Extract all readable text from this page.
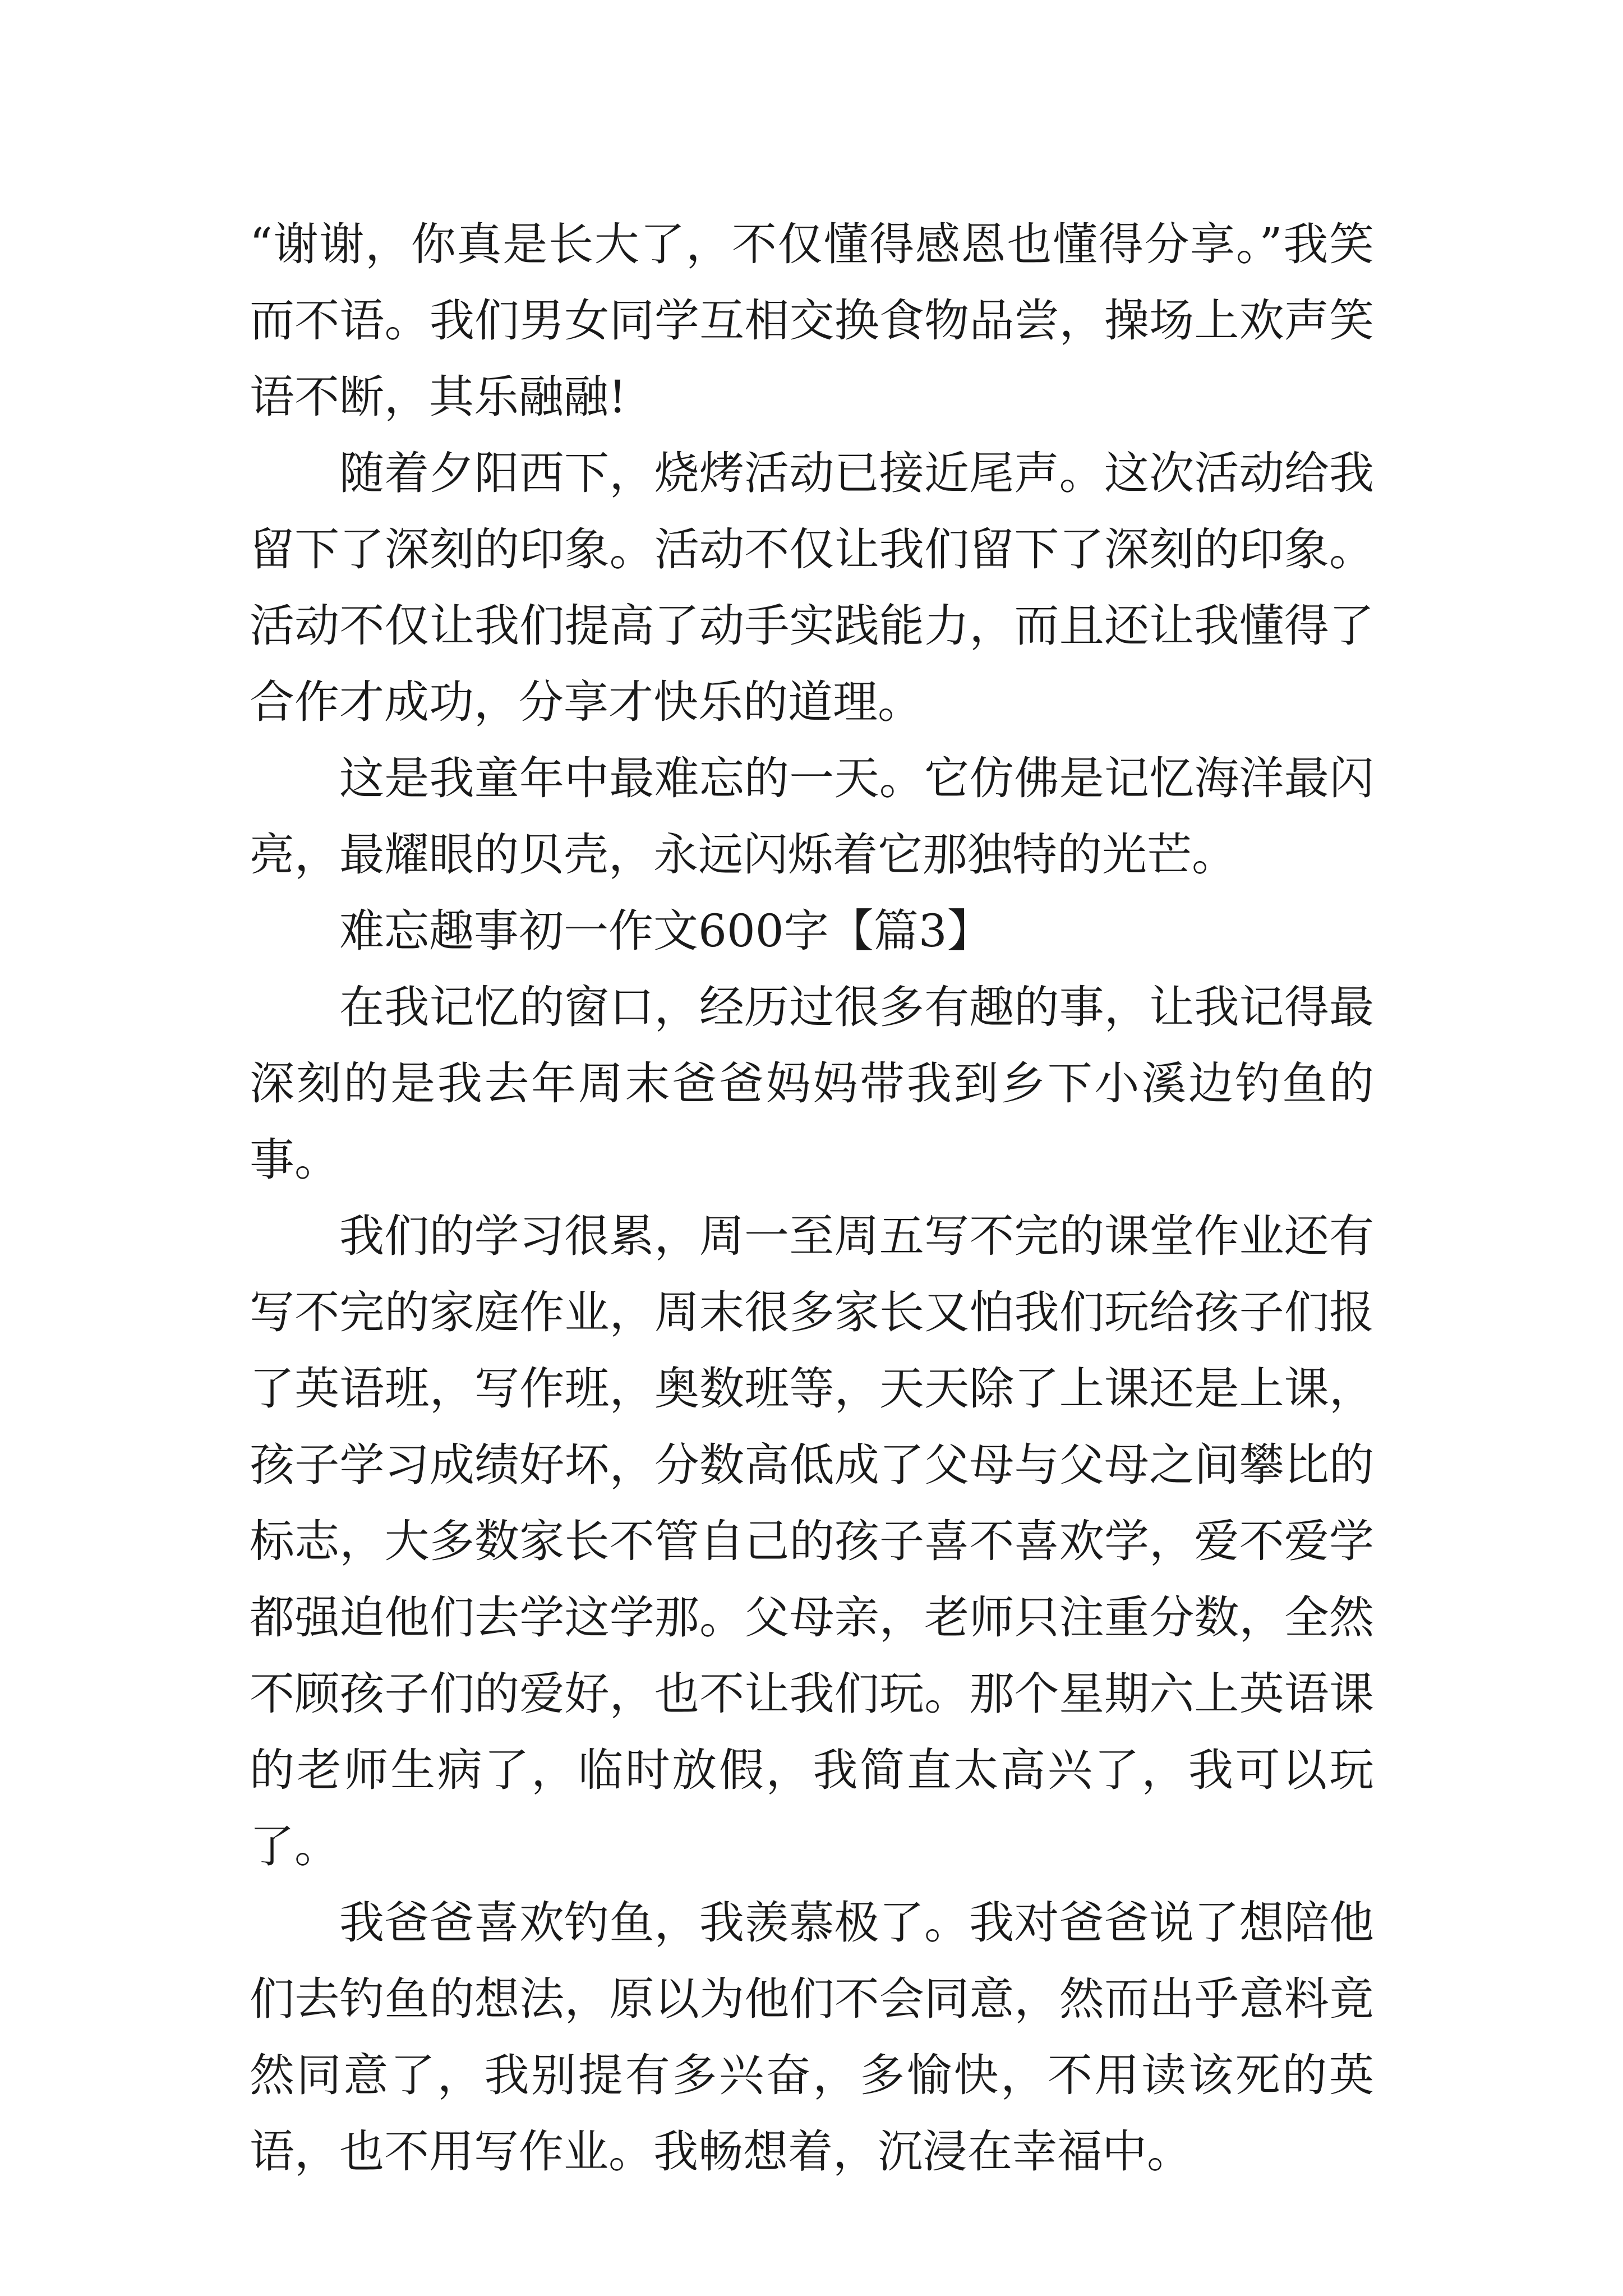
“谢谢，你真是长大了，不仅懂得感恩也懂得分享。”我笑而不语。我们男女同学互相交换食物品尝，操场上欢声笑语不断，其乐融融!

随着夕阳西下，烧烤活动已接近尾声。这次活动给我留下了深刻的印象。活动不仅让我们留下了深刻的印象。活动不仅让我们提高了动手实践能力，而且还让我懂得了合作才成功，分享才快乐的道理。

这是我童年中最难忘的一天。它仿佛是记忆海洋最闪亮，最耀眼的贝壳，永远闪烁着它那独特的光芒。

难忘趣事初一作文600字【篇3】

在我记忆的窗口，经历过很多有趣的事，让我记得最深刻的是我去年周末爸爸妈妈带我到乡下小溪边钓鱼的事。

我们的学习很累，周一至周五写不完的课堂作业还有写不完的家庭作业，周末很多家长又怕我们玩给孩子们报了英语班，写作班，奥数班等，天天除了上课还是上课，孩子学习成绩好坏，分数高低成了父母与父母之间攀比的标志，大多数家长不管自己的孩子喜不喜欢学，爱不爱学都强迫他们去学这学那。父母亲，老师只注重分数，全然不顾孩子们的爱好，也不让我们玩。那个星期六上英语课的老师生病了，临时放假，我简直太高兴了，我可以玩了。

我爸爸喜欢钓鱼，我羡慕极了。我对爸爸说了想陪他们去钓鱼的想法，原以为他们不会同意，然而出乎意料竟然同意了，我别提有多兴奋，多愉快，不用读该死的英语，也不用写作业。我畅想着，沉浸在幸福中。
